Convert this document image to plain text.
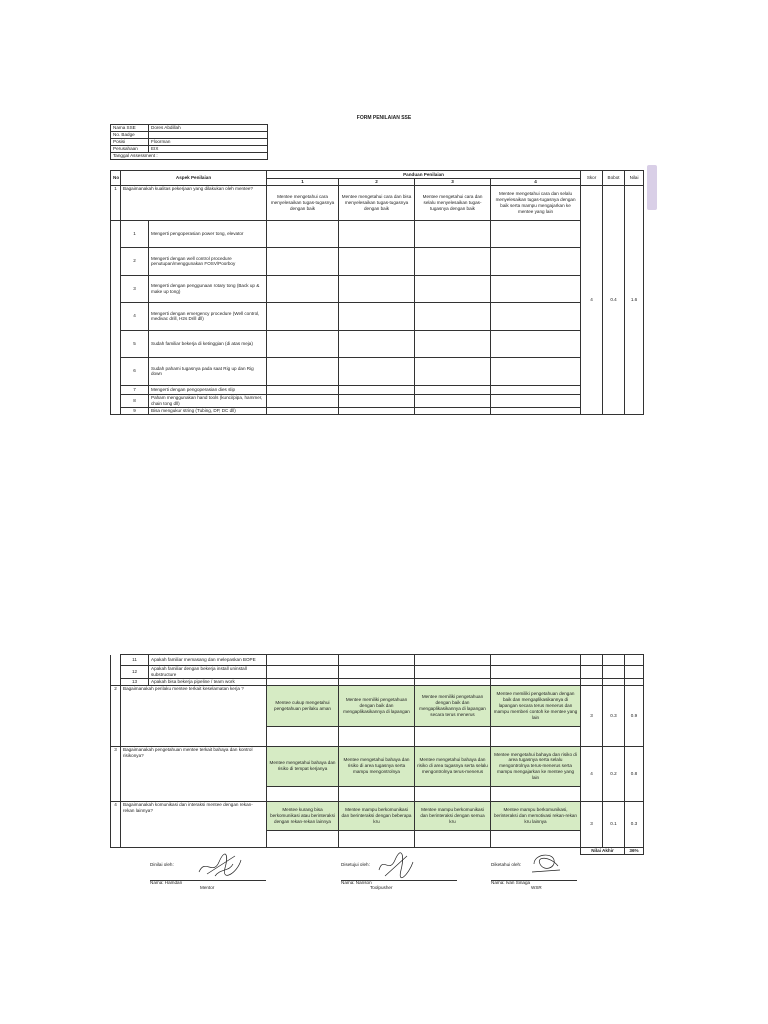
FORM PENILAIAN SSE
Nama SSE	Dores Abdillah
No. Badge	
Posisi	Floorman
Perusahaan	EIX
Tanggal Assessment :	
No	Aspek Penilaian		Panduan Penilaian				Skor	Bobot	Nilai
			1	2	3	4			
1	Bagaimanakah kualitas pekerjaan yang dilakukan oleh mentee?		Mentee mengetahui cara menyelesaikan tugas-tugasnya dengan baik	Mentee mengetahui cara dan bisa menyelesaikan tugas-tugasnya dengan baik	Mentee mengetahui cara dan selalu menyelesaikan tugas-tugasnya dengan baik	Mentee mengetahui cara dan selalu menyelesaikan tugas-tugasnya dengan baik serta mampu mengajarkan ke mentee yang lain	4	0.4	1.6
	1	Mengerti pengoperasian power tong, elevator							
	2	Mengerti dengan well control procedure penutupan/menggunakan FOSV/Poorboy							
	3	Mengerti dengan penggunaan rotary tong (Back up & make up tong)							
	4	Mengerti dengan emergency procedure (Well control, medivac drill, H2s Drill dll)							
	5	Sudah familiar bekerja di ketinggian (di atas meja)							
	6	Sudah pahami tugasnya pada saat Rig up dan Rig down							
	7	Mengerti dengan pengoperasian dies slip							
	8	Paham menggunakan hand tools (kunci/pipa, hammer, chain tong dll)							
	9	Bisa mengukur string (Tubing, DP, DC dll)							
	11	Apakah familiar memasang dan melepaskan BOPE							
	12	Apakah familiar dengan bekerja install uninstall substructure							
	13	Apakah bisa bekerja pipeline / team work							
2	Bagaimanakah perilaku mentee terkait keselamatan kerja ?		Mentee cukup mengetahui pengetahuan perilaku aman	Mentee memiliki pengetahuan dengan baik dan mengaplikasikannya di lapangan	Mentee memiliki pengetahuan dengan baik dan mengaplikasikannya di lapangan secara terus menerus	Mentee memiliki pengetahuan dengan baik dan mengaplikasikannya di lapangan secara terus menerus dan mampu memberi contoh ke mentee yang lain	3	0.3	0.9

3	Bagaimanakah pengetahuan mentee terkait bahaya dan kontrol risikonya?		Mentee mengetahui bahaya dan risiko di tempat kerjanya	Mentee mengetahui bahaya dan risiko di area tugasnya serta mampu mengontrolnya	Mentee mengetahui bahaya dan risiko di area tugasnya serta selalu mengontrolnya terus-menerus	Mentee mengetahui bahaya dan risiko di area tugasnya serta selalu mengontrolnya terus-menerus serta mampu mengajarkan ke mentee yang lain	4	0.2	0.8

4	Bagaimanakah komunikasi dan interaksi mentee dengan rekan-rekan lainnya?		Mentee kurang bisa berkomunikasi atau berinteraksi dengan rekan-rekan lainnya	Mentee mampu berkomunikasi dan berinteraksi dengan beberapa kru	Mentee mampu berkomunikasi dan berinteraksi dengan semua kru	Mentee mampu berkomunikasi, berinteraksi dan memotivasi rekan-rekan kru lainnya	3	0.1	0.3

							Nilai Akhir		36%
Dinilai oleh:
Nama: Hamdan
Mentor
Disetujui oleh:
Nama: Nanson
Toolpusher
Diketahui oleh:
Nama: Ivan Sinaga
WSR
